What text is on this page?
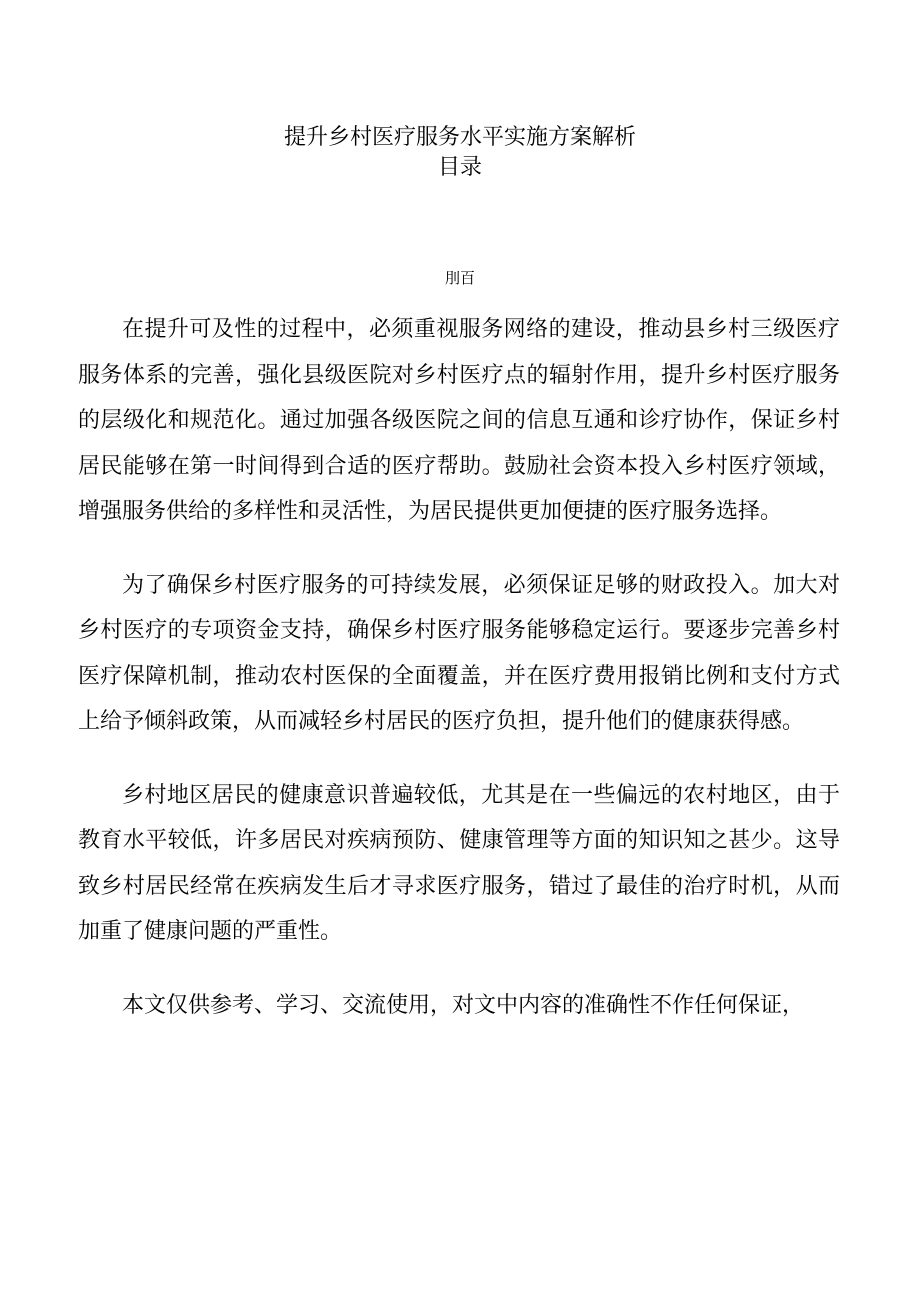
提升乡村医疗服务水平实施方案解析
目录
刖百

在提升可及性的过程中，必须重视服务网络的建设，推动县乡村三级医疗服务体系的完善，强化县级医院对乡村医疗点的辐射作用，提升乡村医疗服务的层级化和规范化。通过加强各级医院之间的信息互通和诊疗协作，保证乡村居民能够在第一时间得到合适的医疗帮助。鼓励社会资本投入乡村医疗领域，增强服务供给的多样性和灵活性，为居民提供更加便捷的医疗服务选择。

为了确保乡村医疗服务的可持续发展，必须保证足够的财政投入。加大对乡村医疗的专项资金支持，确保乡村医疗服务能够稳定运行。要逐步完善乡村医疗保障机制，推动农村医保的全面覆盖，并在医疗费用报销比例和支付方式上给予倾斜政策，从而减轻乡村居民的医疗负担，提升他们的健康获得感。

乡村地区居民的健康意识普遍较低，尤其是在一些偏远的农村地区，由于教育水平较低，许多居民对疾病预防、健康管理等方面的知识知之甚少。这导致乡村居民经常在疾病发生后才寻求医疗服务，错过了最佳的治疗时机，从而加重了健康问题的严重性。

本文仅供参考、学习、交流使用，对文中内容的准确性不作任何保证，
